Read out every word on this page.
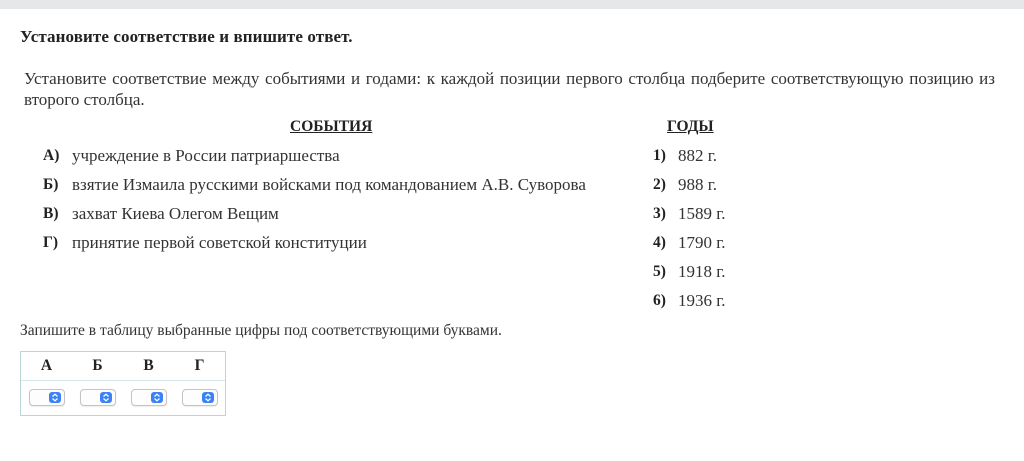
Установите соответствие и впишите ответ.
Установите соответствие между событиями и годами: к каждой позиции первого столбца подберите соответствующую позицию из второго столбца.
СОБЫТИЯ	ГОДЫ
А) учреждение в России патриаршества
Б) взятие Измаила русскими войсками под командованием А.В. Суворова
В) захват Киева Олегом Вещим
Г) принятие первой советской конституции
1) 882 г.
2) 988 г.
3) 1589 г.
4) 1790 г.
5) 1918 г.
6) 1936 г.
Запишите в таблицу выбранные цифры под соответствующими буквами.
А	Б	В	Г
